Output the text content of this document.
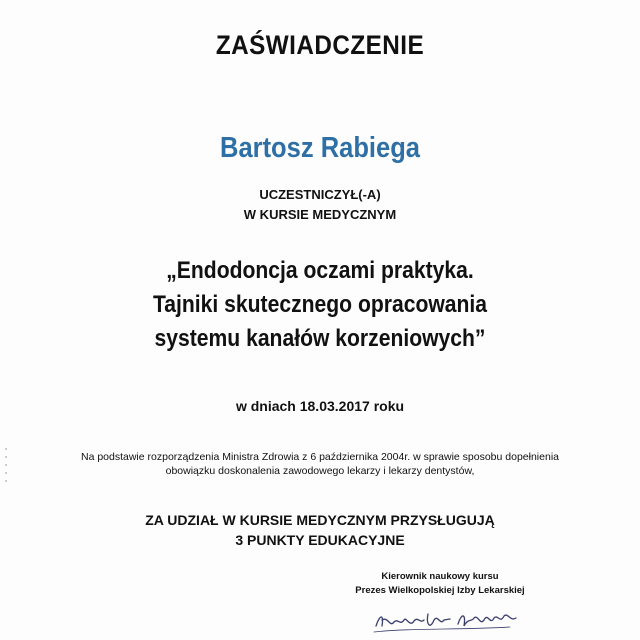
ZAŚWIADCZENIE
Bartosz Rabiega
UCZESTNICZYŁ(-A)
W KURSIE MEDYCZNYM
„Endodoncja oczami praktyka.
Tajniki skutecznego opracowania
systemu kanałów korzeniowych”
w dniach 18.03.2017 roku
Na podstawie rozporządzenia Ministra Zdrowia z 6 października 2004r. w sprawie sposobu dopełnienia
obowiązku doskonalenia zawodowego lekarzy i lekarzy dentystów,
ZA UDZIAŁ W KURSIE MEDYCZNYM PRZYSŁUGUJĄ
3 PUNKTY EDUKACYJNE
Kierownik naukowy kursu
Prezes Wielkopolskiej Izby Lekarskiej
